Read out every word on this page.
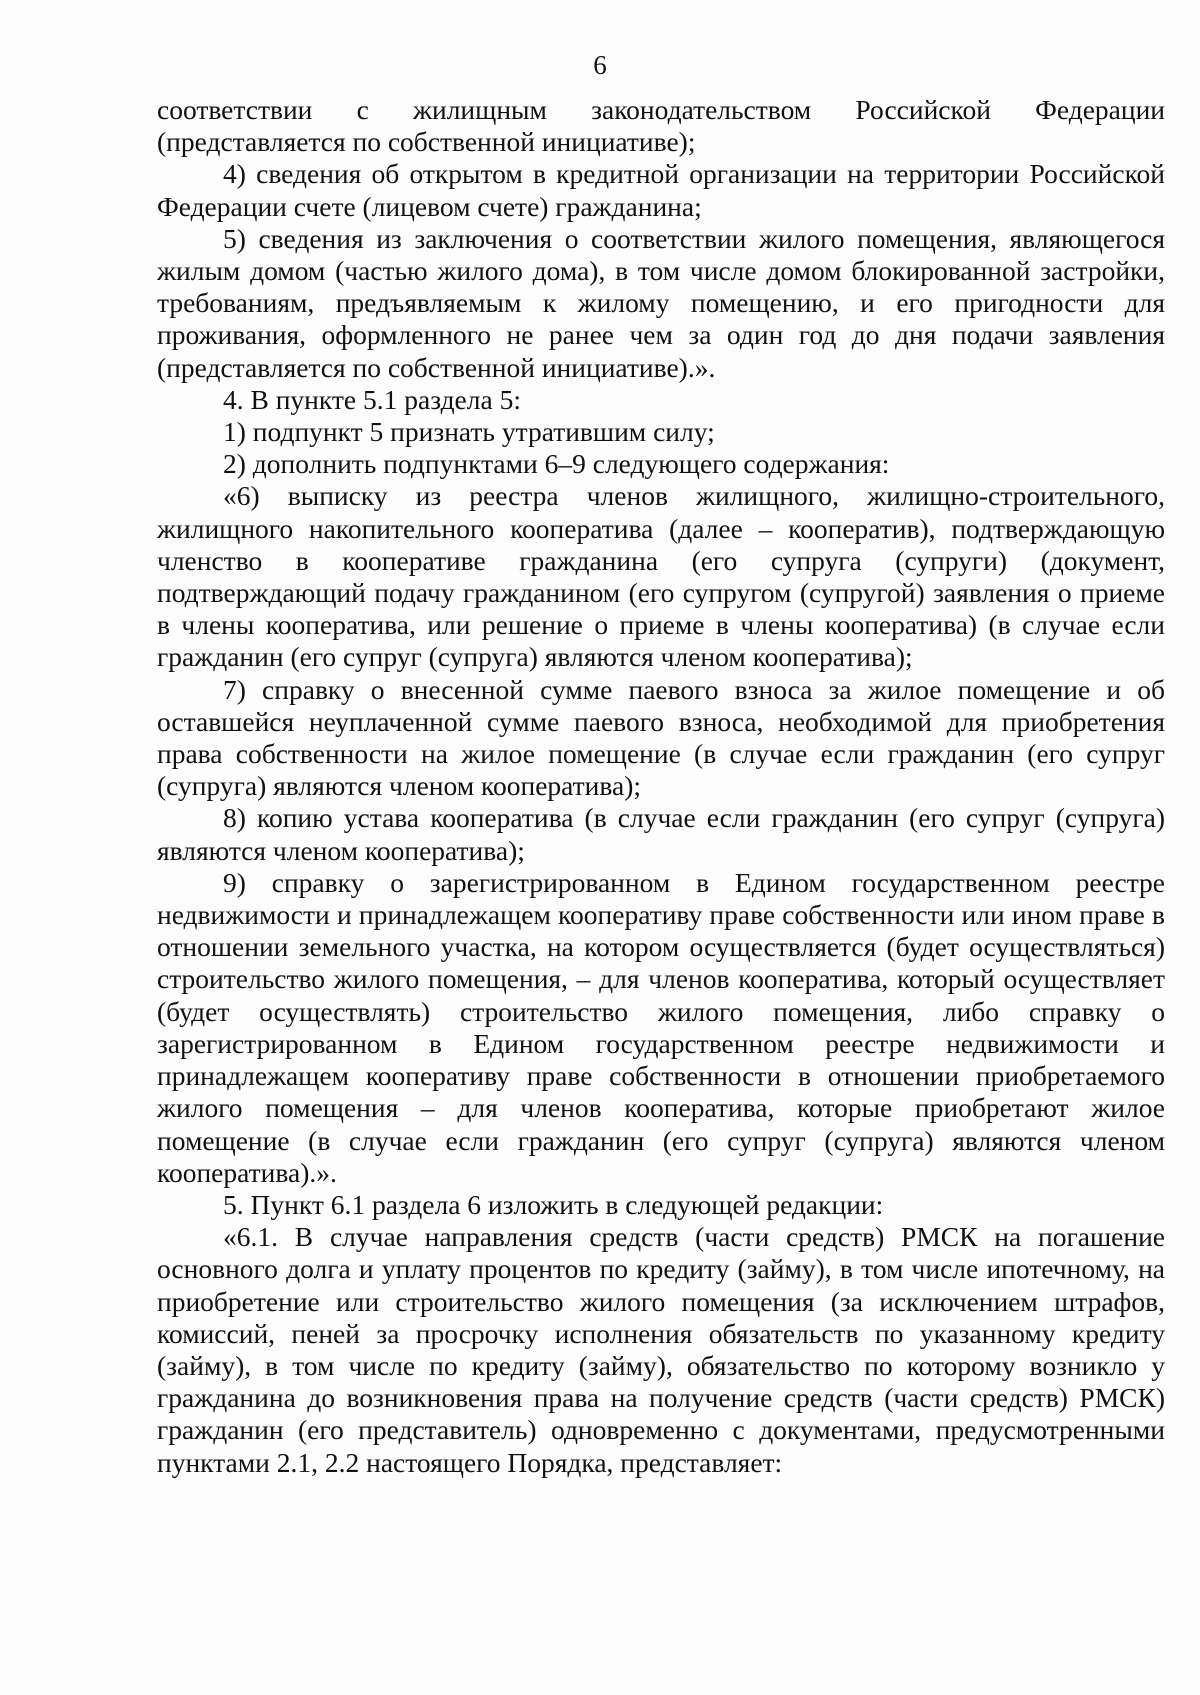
6

соответствии с жилищным законодательством Российской Федерации (представляется по собственной инициативе);

4) сведения об открытом в кредитной организации на территории Российской Федерации счете (лицевом счете) гражданина;

5) сведения из заключения о соответствии жилого помещения, являющегося жилым домом (частью жилого дома), в том числе домом блокированной застройки, требованиям, предъявляемым к жилому помещению, и его пригодности для проживания, оформленного не ранее чем за один год до дня подачи заявления (представляется по собственной инициативе).».

4. В пункте 5.1 раздела 5:

1) подпункт 5 признать утратившим силу;

2) дополнить подпунктами 6–9 следующего содержания:

«6) выписку из реестра членов жилищного, жилищно-строительного, жилищного накопительного кооператива (далее – кооператив), подтверждающую членство в кооперативе гражданина (его супруга (супруги) (документ, подтверждающий подачу гражданином (его супругом (супругой) заявления о приеме в члены кооператива, или решение о приеме в члены кооператива) (в случае если гражданин (его супруг (супруга) являются членом кооператива);

7) справку о внесенной сумме паевого взноса за жилое помещение и об оставшейся неуплаченной сумме паевого взноса, необходимой для приобретения права собственности на жилое помещение (в случае если гражданин (его супруг (супруга) являются членом кооператива);

8) копию устава кооператива (в случае если гражданин (его супруг (супруга) являются членом кооператива);

9) справку о зарегистрированном в Едином государственном реестре недвижимости и принадлежащем кооперативу праве собственности или ином праве в отношении земельного участка, на котором осуществляется (будет осуществляться) строительство жилого помещения, – для членов кооператива, который осуществляет (будет осуществлять) строительство жилого помещения, либо справку о зарегистрированном в Едином государственном реестре недвижимости и принадлежащем кооперативу праве собственности в отношении приобретаемого жилого помещения – для членов кооператива, которые приобретают жилое помещение (в случае если гражданин (его супруг (супруга) являются членом кооператива).».

5. Пункт 6.1 раздела 6 изложить в следующей редакции:

«6.1. В случае направления средств (части средств) РМСК на погашение основного долга и уплату процентов по кредиту (займу), в том числе ипотечному, на приобретение или строительство жилого помещения (за исключением штрафов, комиссий, пеней за просрочку исполнения обязательств по указанному кредиту (займу), в том числе по кредиту (займу), обязательство по которому возникло у гражданина до возникновения права на получение средств (части средств) РМСК) гражданин (его представитель) одновременно с документами, предусмотренными пунктами 2.1, 2.2 настоящего Порядка, представляет:
